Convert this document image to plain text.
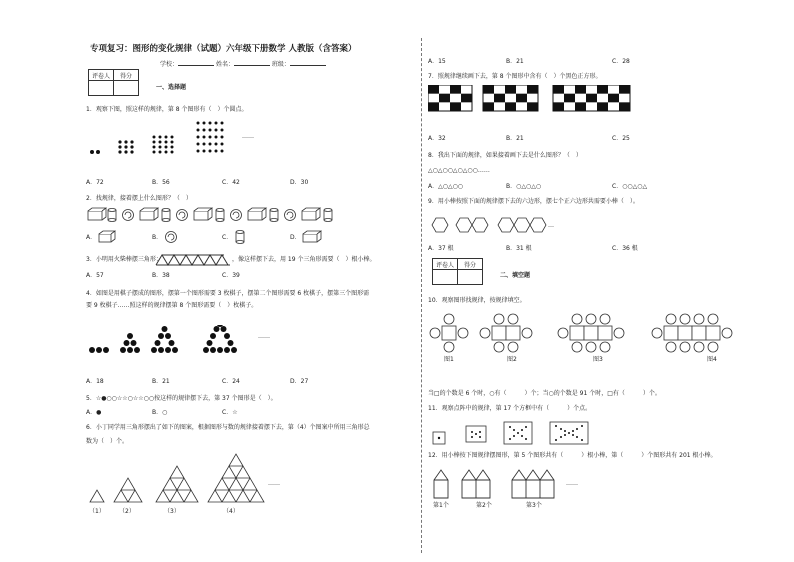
专项复习：图形的变化规律（试题）六年级下册数学 人教版（含答案）
学校：	姓名：	班级：
评卷人	得分

一、选择题
1．观察下图，照这样的规律，第 8 个图形有（　）个圆点。
……
A．72	B．56	C．42	D．30
2．找规律，接着摆上什么图形？（　）
A．	B．	C．	D．
3．小明用火柴棒摆三角形：	，像这样摆下去，用 19 个三角形需要（　）根小棒。
A．57	B．38	C．39
4．如图是用棋子摆成的图形，摆第一个图形需要 3 枚棋子，摆第二个图形需要 6 枚棋子，摆第三个图形需
要 9 枚棋子……照这样的规律摆第 8 个图形需要（　）枚棋子。
……
A．18	B．21	C．24	D．27
5．☆●○○☆☆○☆☆○○按这样的规律摆下去，第 37 个图形是（　）。
A．●	B．○	C．☆
6．小丁同学用三角形摆出了如下的图案，根据图形与数的规律接着摆下去，第（4）个图案中所用三角形总
数为（　）个。
……
（1） （2）	（3）	（4）
A．15	B．21	C．28
7．照规律继续画下去，第 8 个图形中含有（　）个黑色正方形。
A．32	B．21	C．25
8．我出下面的规律，如果接着画下去是什么图形？（　）
△○△○○△○△○○……
A．△○△○○	B．○△○△○	C．○○△○△
9．用小棒按照下面的规律摆下去的六边形，摆七个正六边形共需要小棒（　）。
…
A．37 根	B．31 根	C．36 根
评卷人	得分

二、填空题
10．观察图形找规律，按规律填空。
图1	图2	图3	图4
当□的个数是 6 个时，○有（　　　）个；当○的个数是 91 个时，□有（　　　）个。
11．观察点阵中的规律，第 17 个方框中有（　　　）个点。
12．用小棒按下图规律摆图形，第 5 个图形共有（　　　）根小棒，第（　　　）个图形共有 201 根小棒。
……
第1个	第2个	第3个
